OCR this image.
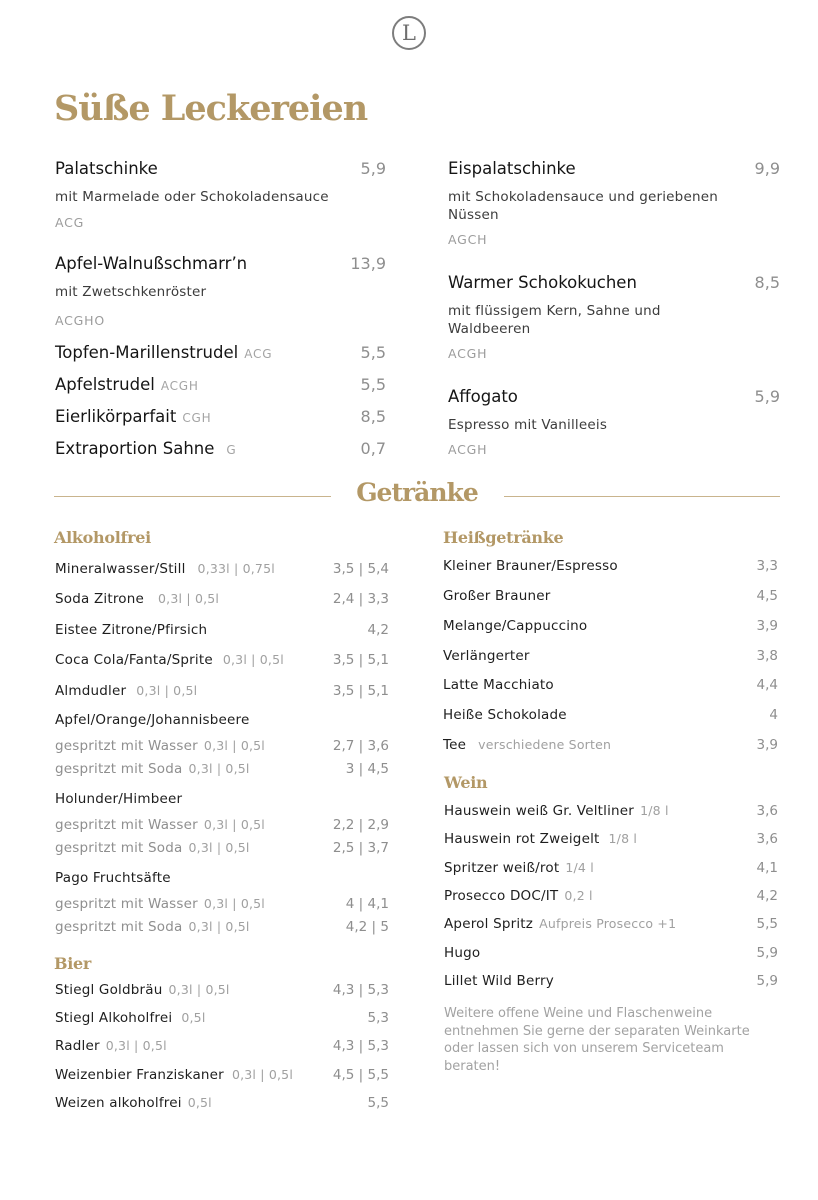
L
Süße Leckereien
Palatschinke	5,9
mit Marmelade oder Schokoladensauce
ACG
Apfel-Walnußschmarr’n	13,9
mit Zwetschkenröster
ACGHO
Topfen-Marillenstrudel ACG	5,5
Apfelstrudel ACGH	5,5
Eierlikörparfait CGH	8,5
Extraportion Sahne G	0,7
Eispalatschinke	9,9
mit Schokoladensauce und geriebenen Nüssen
AGCH
Warmer Schokokuchen	8,5
mit flüssigem Kern, Sahne und Waldbeeren
ACGH
Affogato	5,9
Espresso mit Vanilleeis
ACGH
Getränke
Alkoholfrei
Mineralwasser/Still 0,33l | 0,75l	3,5 | 5,4
Soda Zitrone 0,3l | 0,5l	2,4 | 3,3
Eistee Zitrone/Pfirsich	4,2
Coca Cola/Fanta/Sprite 0,3l | 0,5l	3,5 | 5,1
Almdudler 0,3l | 0,5l	3,5 | 5,1
Apfel/Orange/Johannisbeere
gespritzt mit Wasser 0,3l | 0,5l	2,7 | 3,6
gespritzt mit Soda 0,3l | 0,5l	3 | 4,5
Holunder/Himbeer
gespritzt mit Wasser 0,3l | 0,5l	2,2 | 2,9
gespritzt mit Soda 0,3l | 0,5l	2,5 | 3,7
Pago Fruchtsäfte
gespritzt mit Wasser 0,3l | 0,5l	4 | 4,1
gespritzt mit Soda 0,3l | 0,5l	4,2 | 5
Bier
Stiegl Goldbräu 0,3l | 0,5l	4,3 | 5,3
Stiegl Alkoholfrei 0,5l	5,3
Radler 0,3l | 0,5l	4,3 | 5,3
Weizenbier Franziskaner 0,3l | 0,5l	4,5 | 5,5
Weizen alkoholfrei 0,5l	5,5
Heißgetränke
Kleiner Brauner/Espresso	3,3
Großer Brauner	4,5
Melange/Cappuccino	3,9
Verlängerter	3,8
Latte Macchiato	4,4
Heiße Schokolade	4
Tee verschiedene Sorten	3,9
Wein
Hauswein weiß Gr. Veltliner 1/8 l	3,6
Hauswein rot Zweigelt 1/8 l	3,6
Spritzer weiß/rot 1/4 l	4,1
Prosecco DOC/IT 0,2 l	4,2
Aperol Spritz Aufpreis Prosecco +1	5,5
Hugo	5,9
Lillet Wild Berry	5,9
Weitere offene Weine und Flaschenweine entnehmen Sie gerne der separaten Weinkarte oder lassen sich von unserem Serviceteam beraten!
